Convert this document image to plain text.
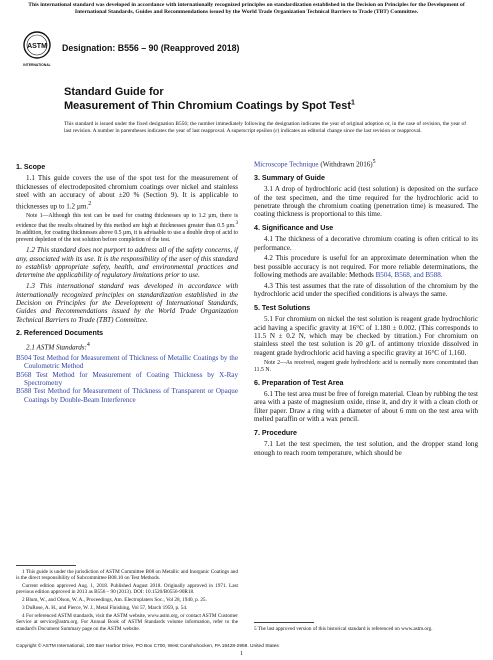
This international standard was developed in accordance with internationally recognized principles on standardization established in the Decision on Principles for the Development of International Standards, Guides and Recommendations issued by the World Trade Organization Technical Barriers to Trade (TBT) Committee.
ASTM
INTERNATIONAL
Designation: B556 – 90 (Reapproved 2018)
Standard Guide for
Measurement of Thin Chromium Coatings by Spot Test$^1$
This standard is issued under the fixed designation B556; the number immediately following the designation indicates the year of original adoption or, in the case of revision, the year of last revision. A number in parentheses indicates the year of last reapproval. A superscript epsilon (ε) indicates an editorial change since the last revision or reapproval.
1. Scope

1.1 This guide covers the use of the spot test for the measurement of thicknesses of electrodeposited chromium coatings over nickel and stainless steel with an accuracy of about ±20 % (Section 9). It is applicable to thicknesses up to 1.2 µm.$^2$

Note 1—Although this test can be used for coating thicknesses up to 1.2 µm, there is evidence that the results obtained by this method are high at thicknesses greater than 0.5 µm.$^3$ In addition, for coating thicknesses above 0.5 µm, it is advisable to use a double drop of acid to prevent depletion of the test solution before completion of the test.

1.2 This standard does not purport to address all of the safety concerns, if any, associated with its use. It is the responsibility of the user of this standard to establish appropriate safety, health, and environmental practices and determine the applicability of regulatory limitations prior to use.

1.3 This international standard was developed in accordance with internationally recognized principles on standardization established in the Decision on Principles for the Development of International Standards, Guides and Recommendations issued by the World Trade Organization Technical Barriers to Trade (TBT) Committee.

2. Referenced Documents

2.1 ASTM Standards:$^4$

B504 Test Method for Measurement of Thickness of Metallic Coatings by the Coulometric Method

B568 Test Method for Measurement of Coating Thickness by X-Ray Spectrometry

B588 Test Method for Measurement of Thickness of Transparent or Opaque Coatings by Double-Beam Interference

1 This guide is under the jurisdiction of ASTM Committee B08 on Metallic and Inorganic Coatings and is the direct responsibility of Subcommittee B08.10 on Test Methods.

Current edition approved Aug. 1, 2018. Published August 2018. Originally approved in 1971. Last previous edition approved in 2013 as B556 – 90 (2013). DOI: 10.1520/B0556-90R18.

2 Blum, W., and Olson, W. A., Proceedings, Am. Electroplaters Soc., Vol 28, 1940, p. 25.

3 DuRose, A. H., and Pierce, W. J., Metal Finishing, Vol 57, March 1959, p. 54.

4 For referenced ASTM standards, visit the ASTM website, www.astm.org, or contact ASTM Customer Service at service@astm.org. For Annual Book of ASTM Standards volume information, refer to the standard's Document Summary page on the ASTM website.

Microscope Technique (Withdrawn 2016)$^5$

3. Summary of Guide

3.1 A drop of hydrochloric acid (test solution) is deposited on the surface of the test specimen, and the time required for the hydrochloric acid to penetrate through the chromium coating (penetration time) is measured. The coating thickness is proportional to this time.

4. Significance and Use

4.1 The thickness of a decorative chromium coating is often critical to its performance.

4.2 This procedure is useful for an approximate determination when the best possible accuracy is not required. For more reliable determinations, the following methods are available: Methods B504, B568, and B588.

4.3 This test assumes that the rate of dissolution of the chromium by the hydrochloric acid under the specified conditions is always the same.

5. Test Solutions

5.1 For chromium on nickel the test solution is reagent grade hydrochloric acid having a specific gravity at 16°C of 1.180 ± 0.002. (This corresponds to 11.5 N ± 0.2 N, which may be checked by titration.) For chromium on stainless steel the test solution is 20 g/L of antimony trioxide dissolved in reagent grade hydrochloric acid having a specific gravity at 16°C of 1.160.

Note 2—As received, reagent grade hydrochloric acid is normally more concentrated than 11.5 N.

6. Preparation of Test Area

6.1 The test area must be free of foreign material. Clean by rubbing the test area with a paste of magnesium oxide, rinse it, and dry it with a clean cloth or filter paper. Draw a ring with a diameter of about 6 mm on the test area with melted paraffin or with a wax pencil.

7. Procedure

7.1 Let the test specimen, the test solution, and the dropper stand long enough to reach room temperature, which should be

5 The last approved version of this historical standard is referenced on www.astm.org.
Copyright © ASTM International, 100 Barr Harbor Drive, PO Box C700, West Conshohocken, PA 19428-2959. United States
1
